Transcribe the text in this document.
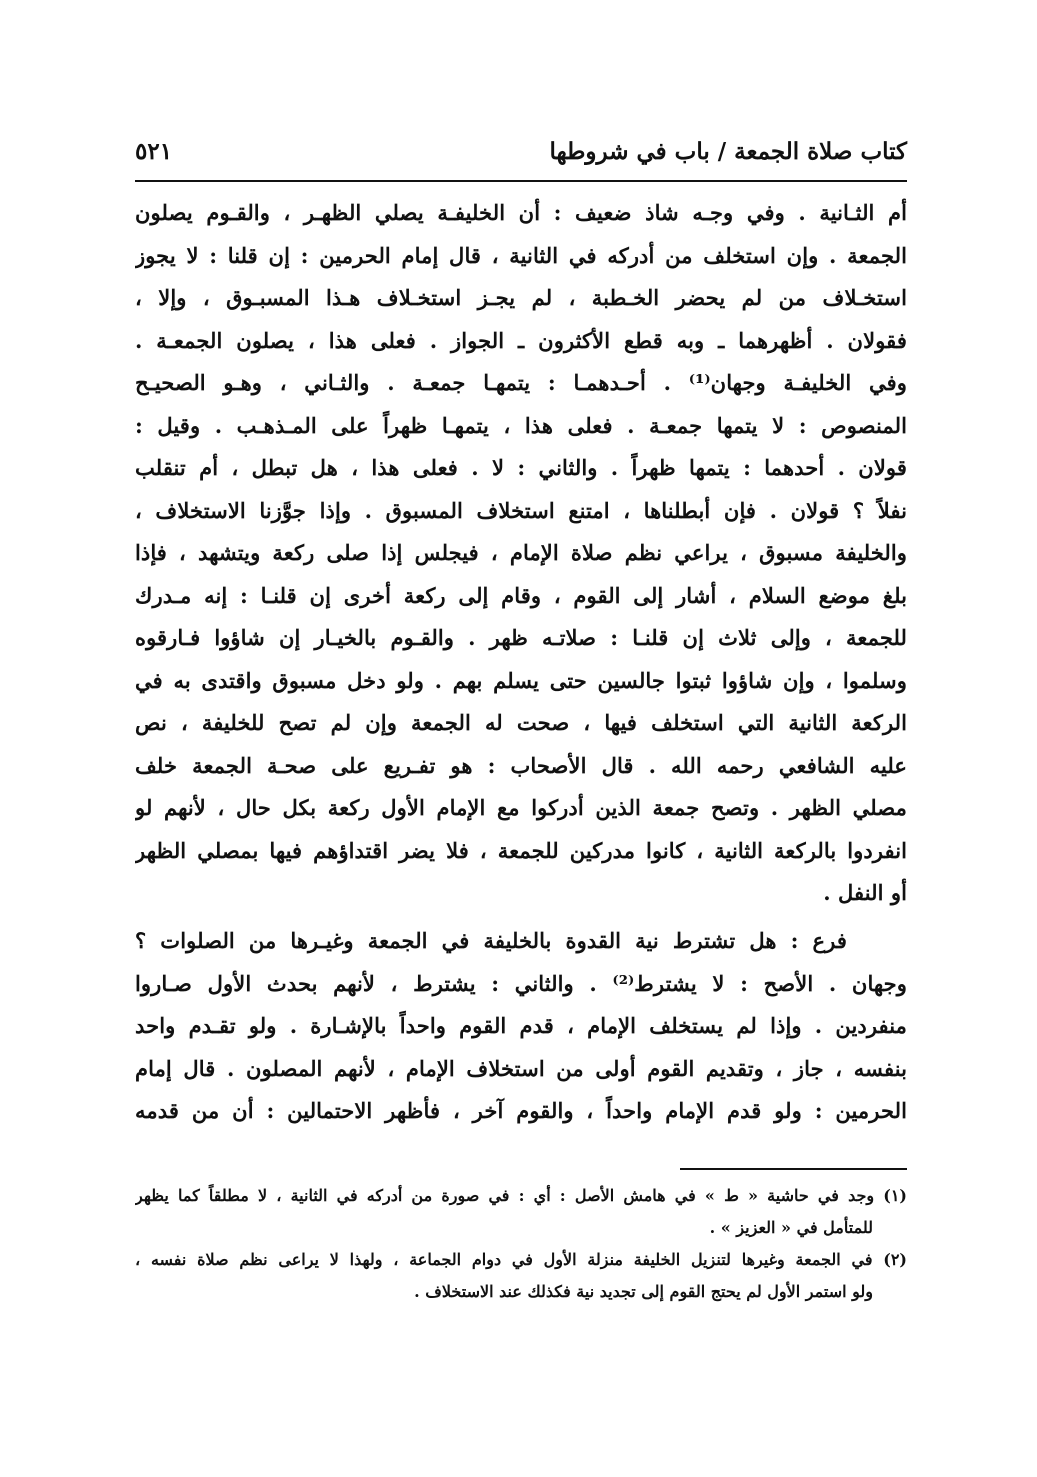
كتاب صلاة الجمعة / باب في شروطها
٥٢١
أم الثـانية . وفي وجـه شاذ ضعيف : أن الخليفـة يصلي الظهـر ، والقـوم يصلون
الجمعة . وإن استخلف من أدركه في الثانية ، قال إمام الحرمين : إن قلنا : لا يجوز
استخـلاف من لم يحضر الخـطبة ، لم يجـز استخـلاف هـذا المسبـوق ، وإلا ،
فقولان . أظهرهما ـ وبه قطع الأكثرون ـ الجواز . فعلى هذا ، يصلون الجمعـة .
وفي الخليفـة وجهان⁽¹⁾ . أحـدهمـا : يتمهـا جمعـة . والثـاني ، وهـو الصحيـح
المنصوص : لا يتمها جمعـة . فعلى هذا ، يتمهـا ظهراً على المـذهـب . وقيل :
قولان . أحدهما : يتمها ظهراً . والثاني : لا . فعلى هذا ، هل تبطل ، أم تنقلب
نفلاً ؟ قولان . فإن أبطلناها ، امتنع استخلاف المسبوق . وإذا جوَّزنا الاستخلاف ،
والخليفة مسبوق ، يراعي نظم صلاة الإمام ، فيجلس إذا صلى ركعة ويتشهد ، فإذا
بلغ موضع السلام ، أشار إلى القوم ، وقام إلى ركعة أخرى إن قلنـا : إنه مـدرك
للجمعة ، وإلى ثلاث إن قلنـا : صلاتـه ظهر . والقـوم بالخيـار إن شاؤوا فـارقوه
وسلموا ، وإن شاؤوا ثبتوا جالسين حتى يسلم بهم . ولو دخل مسبوق واقتدى به في
الركعة الثانية التي استخلف فيها ، صحت له الجمعة وإن لم تصح للخليفة ، نص
عليه الشافعي رحمه الله . قال الأصحاب : هو تفـريع على صحـة الجمعة خلف
مصلي الظهر . وتصح جمعة الذين أدركوا مع الإمام الأول ركعة بكل حال ، لأنهم لو
انفردوا بالركعة الثانية ، كانوا مدركين للجمعة ، فلا يضر اقتداؤهم فيها بمصلي الظهر
أو النفل .
فرع : هل تشترط نية القدوة بالخليفة في الجمعة وغيـرها من الصلوات ؟
وجهان . الأصح : لا يشترط⁽²⁾ . والثاني : يشترط ، لأنهم بحدث الأول صـاروا
منفردين . وإذا لم يستخلف الإمام ، قدم القوم واحداً بالإشـارة . ولو تقـدم واحد
بنفسه ، جاز ، وتقديم القوم أولى من استخلاف الإمام ، لأنهم المصلون . قال إمام
الحرمين : ولو قدم الإمام واحداً ، والقوم آخر ، فأظهر الاحتمالين : أن من قدمه
(١) وجد في حاشية « ط » في هامش الأصل : أي : في صورة من أدركه في الثانية ، لا مطلقاً كما يظهر
للمتأمل في « العزيز » .
(٢) في الجمعة وغيرها لتنزيل الخليفة منزلة الأول في دوام الجماعة ، ولهذا لا يراعى نظم صلاة نفسه ،
ولو استمر الأول لم يحتج القوم إلى تجديد نية فكذلك عند الاستخلاف .
